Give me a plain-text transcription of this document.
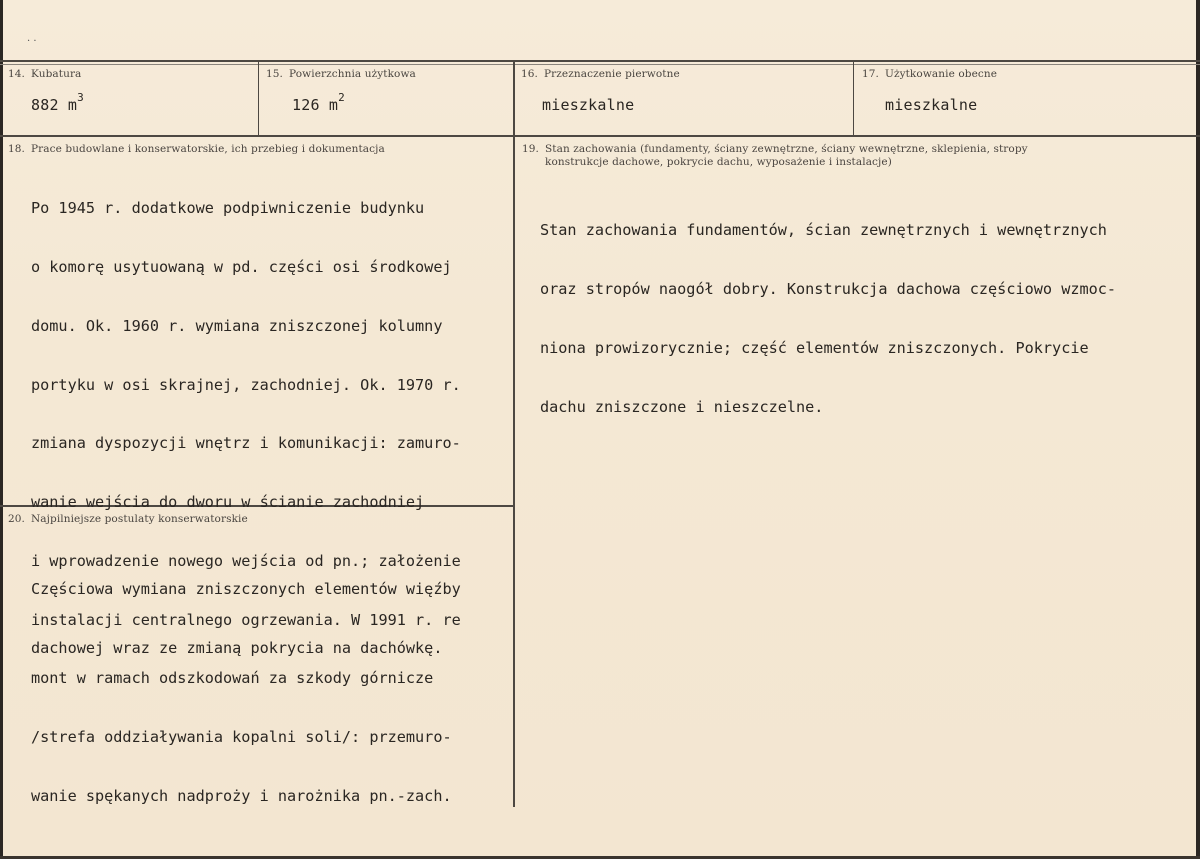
· ·
14. Kubatura
882 $m^3$
15. Powierzchnia użytkowa
126 $m^2$
16. Przeznaczenie pierwotne
mieszkalne
17. Użytkowanie obecne
mieszkalne
18. Prace budowlane i konserwatorskie, ich przebieg i dokumentacja

Po 1945 r. dodatkowe podpiwniczenie budynku

o komorę usytuowaną w pd. części osi środkowej

domu. Ok. 1960 r. wymiana zniszczonej kolumny

portyku w osi skrajnej, zachodniej. Ok. 1970 r.

zmiana dyspozycji wnętrz i komunikacji: zamuro-

wanie wejścia do dworu w ścianie zachodniej

i wprowadzenie nowego wejścia od pn.; założenie

instalacji centralnego ogrzewania. W 1991 r. re

mont w ramach odszkodowań za szkody górnicze

/strefa oddziaływania kopalni soli/: przemuro-

wanie spękanych nadproży i narożnika pn.-zach.

19. Stan zachowania (fundamenty, ściany zewnętrzne, ściany wewnętrzne, sklepienia, stropy
konstrukcje dachowe, pokrycie dachu, wyposażenie i instalacje)

Stan zachowania fundamentów, ścian zewnętrznych i wewnętrznych

oraz stropów naogół dobry. Konstrukcja dachowa częściowo wzmoc-

niona prowizorycznie; część elementów zniszczonych. Pokrycie

dachu zniszczone i nieszczelne.

20. Najpilniejsze postulaty konserwatorskie

Częściowa wymiana zniszczonych elementów więźby

dachowej wraz ze zmianą pokrycia na dachówkę.
